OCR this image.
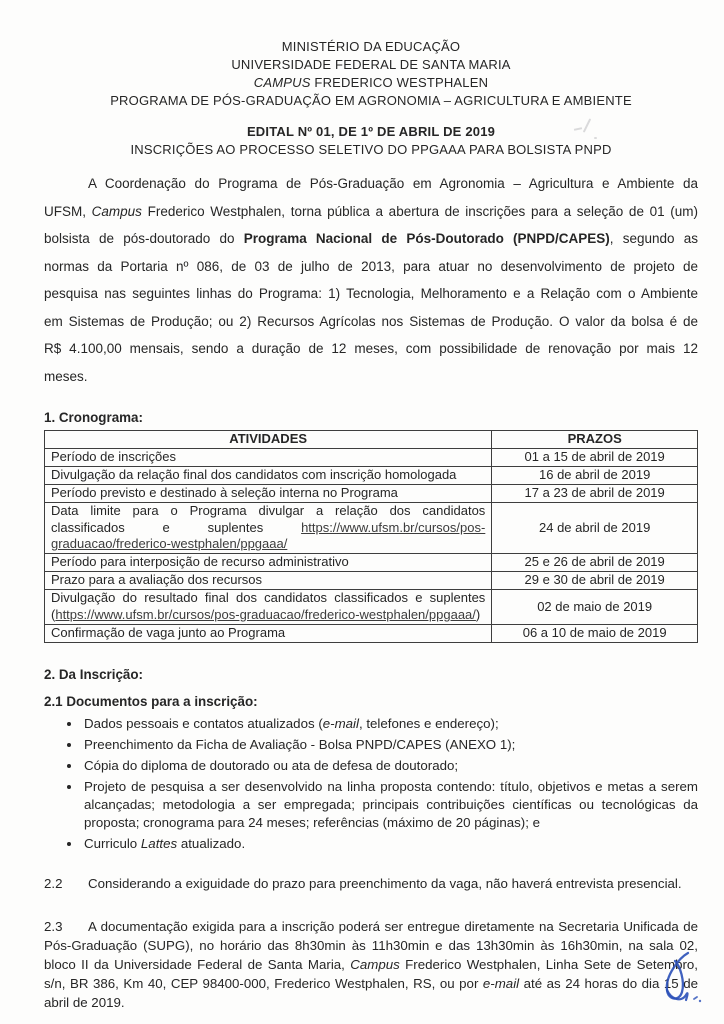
MINISTÉRIO DA EDUCAÇÃO
UNIVERSIDADE FEDERAL DE SANTA MARIA
CAMPUS FREDERICO WESTPHALEN
PROGRAMA DE PÓS-GRADUAÇÃO EM AGRONOMIA – AGRICULTURA E AMBIENTE
EDITAL Nº 01, DE 1º DE ABRIL DE 2019
INSCRIÇÕES AO PROCESSO SELETIVO DO PPGAAA PARA BOLSISTA PNPD

A Coordenação do Programa de Pós-Graduação em Agronomia – Agricultura e Ambiente da UFSM, Campus Frederico Westphalen, torna pública a abertura de inscrições para a seleção de 01 (um) bolsista de pós-doutorado do Programa Nacional de Pós-Doutorado (PNPD/CAPES), segundo as normas da Portaria nº 086, de 03 de julho de 2013, para atuar no desenvolvimento de projeto de pesquisa nas seguintes linhas do Programa: 1) Tecnologia, Melhoramento e a Relação com o Ambiente em Sistemas de Produção; ou 2) Recursos Agrícolas nos Sistemas de Produção. O valor da bolsa é de R$ 4.100,00 mensais, sendo a duração de 12 meses, com possibilidade de renovação por mais 12 meses.

1. Cronograma:
ATIVIDADES	PRAZOS
Período de inscrições	01 a 15 de abril de 2019
Divulgação da relação final dos candidatos com inscrição homologada	16 de abril de 2019
Período previsto e destinado à seleção interna no Programa	17 a 23 de abril de 2019
Data limite para o Programa divulgar a relação dos candidatos classificados e suplentes https://www.ufsm.br/cursos/pos-graduacao/frederico-westphalen/ppgaaa/	24 de abril de 2019
Período para interposição de recurso administrativo	25 e 26 de abril de 2019
Prazo para a avaliação dos recursos	29 e 30 de abril de 2019
Divulgação do resultado final dos candidatos classificados e suplentes (https://www.ufsm.br/cursos/pos-graduacao/frederico-westphalen/ppgaaa/)	02 de maio de 2019
Confirmação de vaga junto ao Programa	06 a 10 de maio de 2019
2. Da Inscrição:
2.1 Documentos para a inscrição:
• Dados pessoais e contatos atualizados (e-mail, telefones e endereço);
• Preenchimento da Ficha de Avaliação - Bolsa PNPD/CAPES (ANEXO 1);
• Cópia do diploma de doutorado ou ata de defesa de doutorado;
• Projeto de pesquisa a ser desenvolvido na linha proposta contendo: título, objetivos e metas a serem alcançadas; metodologia a ser empregada; principais contribuições científicas ou tecnológicas da proposta; cronograma para 24 meses; referências (máximo de 20 páginas); e
• Curriculo Lattes atualizado.

2.2 Considerando a exiguidade do prazo para preenchimento da vaga, não haverá entrevista presencial.

2.3 A documentação exigida para a inscrição poderá ser entregue diretamente na Secretaria Unificada de Pós-Graduação (SUPG), no horário das 8h30min às 11h30min e das 13h30min às 16h30min, na sala 02, bloco II da Universidade Federal de Santa Maria, Campus Frederico Westphalen, Linha Sete de Setembro, s/n, BR 386, Km 40, CEP 98400-000, Frederico Westphalen, RS, ou por e-mail até as 24 horas do dia 15 de abril de 2019.
